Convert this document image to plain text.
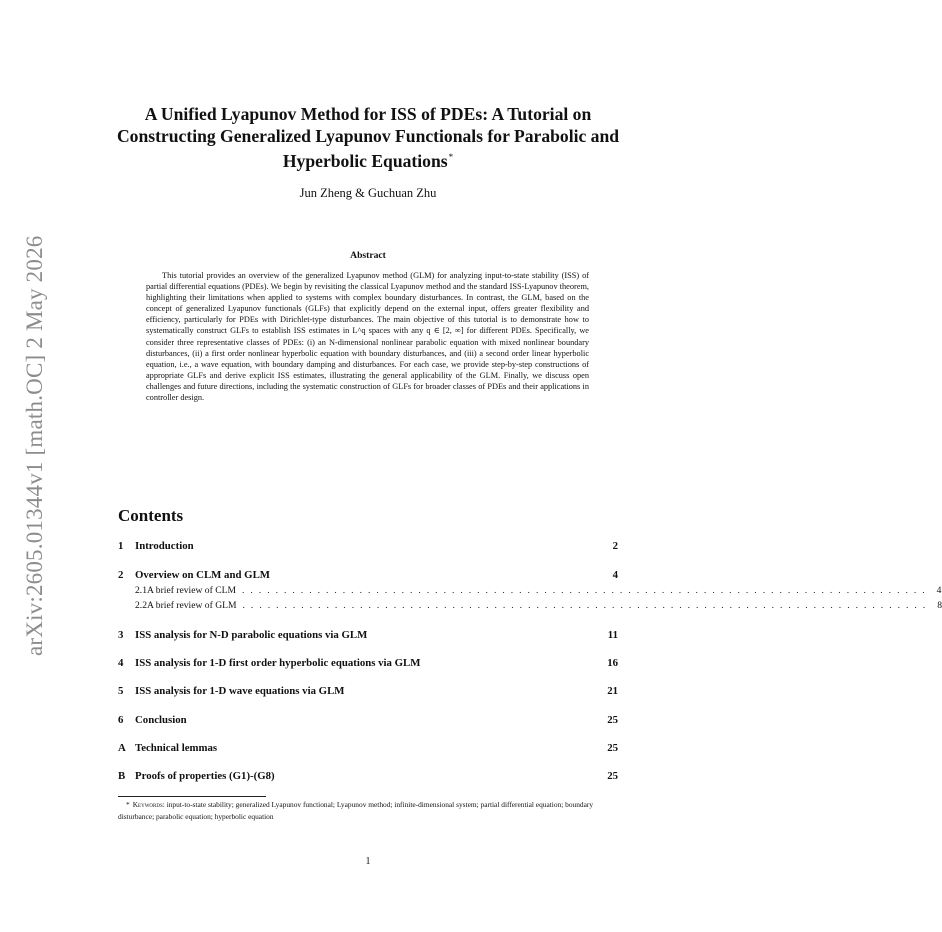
arXiv:2605.01344v1 [math.OC] 2 May 2026
A Unified Lyapunov Method for ISS of PDEs: A Tutorial on Constructing Generalized Lyapunov Functionals for Parabolic and Hyperbolic Equations*
Jun Zheng & Guchuan Zhu
Abstract
This tutorial provides an overview of the generalized Lyapunov method (GLM) for analyzing input-to-state stability (ISS) of partial differential equations (PDEs). We begin by revisiting the classical Lyapunov method and the standard ISS-Lyapunov theorem, highlighting their limitations when applied to systems with complex boundary disturbances. In contrast, the GLM, based on the concept of generalized Lyapunov functionals (GLFs) that explicitly depend on the external input, offers greater flexibility and efficiency, particularly for PDEs with Dirichlet-type disturbances. The main objective of this tutorial is to demonstrate how to systematically construct GLFs to establish ISS estimates in L^q spaces with any q ∈ [2, ∞] for different PDEs. Specifically, we consider three representative classes of PDEs: (i) an N-dimensional nonlinear parabolic equation with mixed nonlinear boundary disturbances, (ii) a first order nonlinear hyperbolic equation with boundary disturbances, and (iii) a second order linear hyperbolic equation, i.e., a wave equation, with boundary damping and disturbances. For each case, we provide step-by-step constructions of appropriate GLFs and derive explicit ISS estimates, illustrating the general applicability of the GLM. Finally, we discuss open challenges and future directions, including the systematic construction of GLFs for broader classes of PDEs and their applications in controller design.
Contents
1	Introduction	2
2	Overview on CLM and GLM	4
2.1 A brief review of CLM .................................................................................. 4
2.2 A brief review of GLM .................................................................................. 8
3	ISS analysis for N-D parabolic equations via GLM	11
4	ISS analysis for 1-D first order hyperbolic equations via GLM	16
5	ISS analysis for 1-D wave equations via GLM	21
6	Conclusion	25
A Technical lemmas	25
B Proofs of properties (G1)-(G8)	25
* Keywords: input-to-state stability; generalized Lyapunov functional; Lyapunov method; infinite-dimensional system; partial differential equation; boundary disturbance; parabolic equation; hyperbolic equation
1
